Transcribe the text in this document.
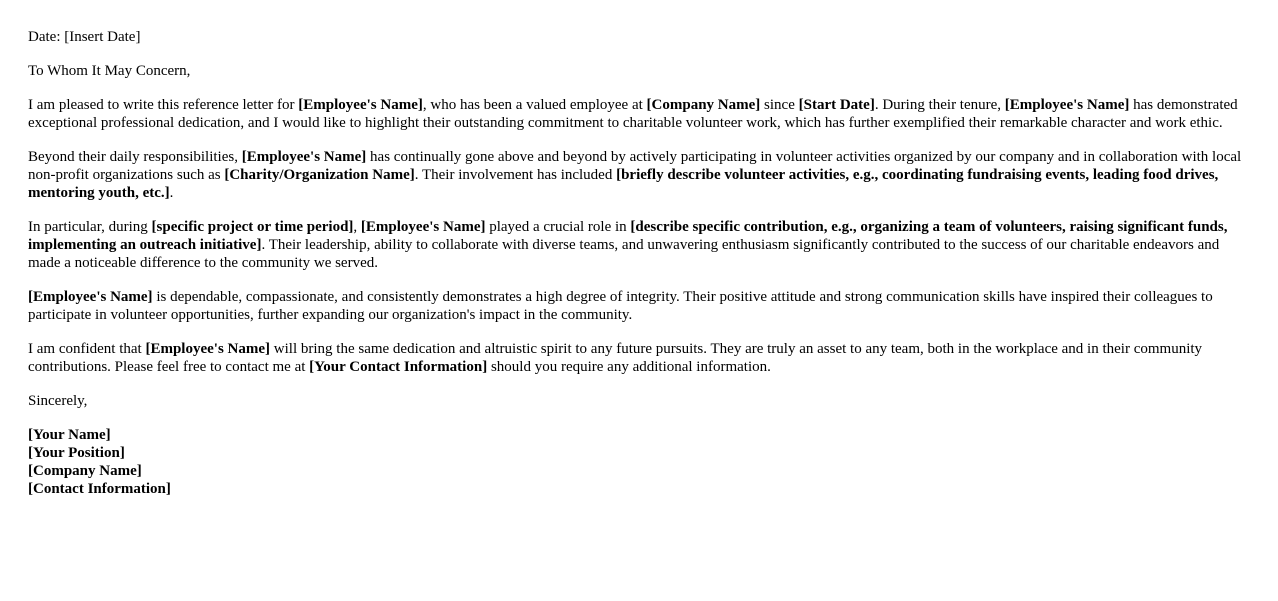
Date: [Insert Date]

To Whom It May Concern,

I am pleased to write this reference letter for [Employee's Name], who has been a valued employee at [Company Name] since [Start Date]. During their tenure, [Employee's Name] has demonstrated exceptional professional dedication, and I would like to highlight their outstanding commitment to charitable volunteer work, which has further exemplified their remarkable character and work ethic.

Beyond their daily responsibilities, [Employee's Name] has continually gone above and beyond by actively participating in volunteer activities organized by our company and in collaboration with local non-profit organizations such as [Charity/Organization Name]. Their involvement has included [briefly describe volunteer activities, e.g., coordinating fundraising events, leading food drives, mentoring youth, etc.].

In particular, during [specific project or time period], [Employee's Name] played a crucial role in [describe specific contribution, e.g., organizing a team of volunteers, raising significant funds, implementing an outreach initiative]. Their leadership, ability to collaborate with diverse teams, and unwavering enthusiasm significantly contributed to the success of our charitable endeavors and made a noticeable difference to the community we served.

[Employee's Name] is dependable, compassionate, and consistently demonstrates a high degree of integrity. Their positive attitude and strong communication skills have inspired their colleagues to participate in volunteer opportunities, further expanding our organization's impact in the community.

I am confident that [Employee's Name] will bring the same dedication and altruistic spirit to any future pursuits. They are truly an asset to any team, both in the workplace and in their community contributions. Please feel free to contact me at [Your Contact Information] should you require any additional information.

Sincerely,

[Your Name]

[Your Position]

[Company Name]

[Contact Information]
